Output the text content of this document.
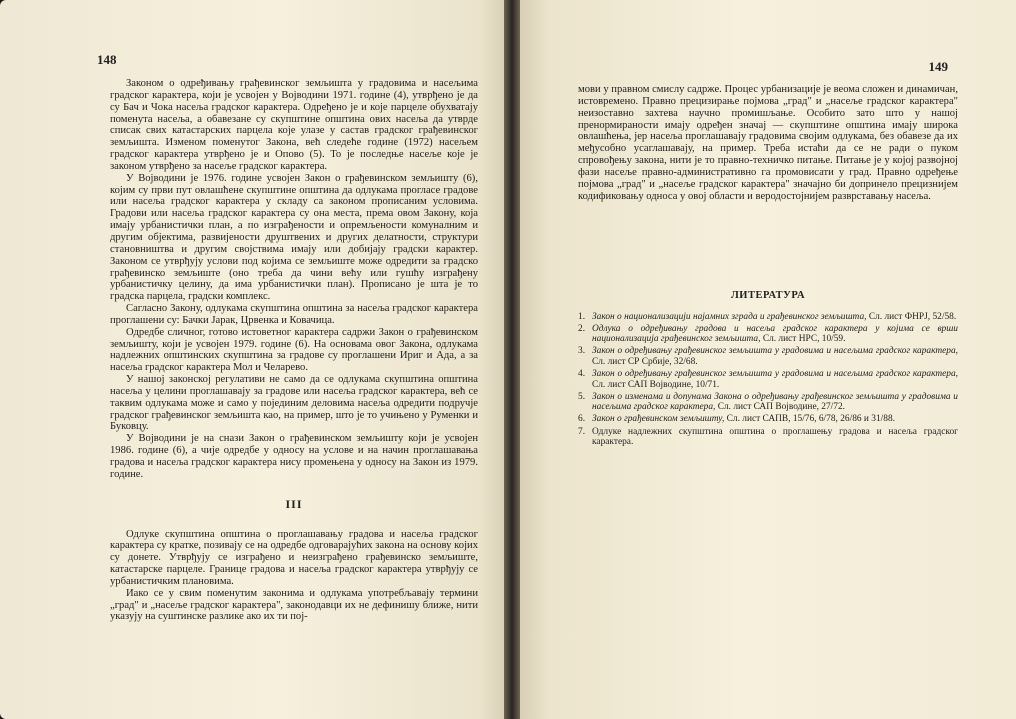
148

Законом о одређивању грађевинског земљишта у градовима и насељима градског карактера, који је усвојен у Војводини 1971. године (4), утврђено је да су Бач и Чока насеља градског карактера. Одређено је и које парцеле обухватају поменута насеља, а обавезане су скупштине општина ових насеља да утврде списак свих катастарских парцела које улазе у састав градског грађевинског земљишта. Изменом поменутог Закона, већ следеће године (1972) насељем градског карактера утврђено је и Опово (5). То је последње насеље које је законом утврђено за насеље градског карактера.

У Војводини је 1976. године усвојен Закон о грађевинском земљишту (6), којим су први пут овлашћене скупштине општина да одлукама прогласе градове или насеља градског карактера у складу са законом прописаним условима. Градови или насеља градског карактера су она места, према овом Закону, која имају урбанистички план, а по изграђености и опремљености комуналним и другим објектима, развијености друштвених и других делатности, структури становништва и другим својствима имају или добијају градски карактер. Законом се утврђују услови под којима се земљиште може одредити за градско грађевинско земљиште (оно треба да чини већу или гушћу изграђену урбанистичку целину, да има урбанистички план). Прописано је шта је то градска парцела, градски комплекс.

Сагласно Закону, одлукама скупштина општина за насеља градског карактера проглашени су: Бачки Јарак, Црвенка и Ковачица.

Одредбе сличног, готово истоветног карактера садржи Закон о грађевинском земљишту, који је усвојен 1979. године (6). На основама овог Закона, одлукама надлежних општинских скупштина за градове су проглашени Ириг и Ада, а за насеља градског карактера Мол и Челарево.

У нашој законској регулативи не само да се одлукама скупштина општина насеља у целини проглашавају за градове или насеља градског карактера, већ се таквим одлукама може и само у појединим деловима насеља одредити подручје градског грађевинског земљишта као, на пример, што је то учињено у Руменки и Буковцу.

У Војводини је на снази Закон о грађевинском земљишту који је усвојен 1986. године (6), а чије одредбе у односу на услове и на начин проглашавања градова и насеља градског карактера нису промењена у односу на Закон из 1979. године.

III

Одлуке скупштина општина о проглашавању градова и насеља градског карактера су кратке, позивају се на одредбе одговарајућих закона на основу којих су донете. Утврђују се изграђено и неизграђено грађевинско земљиште, катастарске парцеле. Границе градова и насеља градског карактера утврђују се урбанистичким плановима.

Иако се у свим поменутим законима и одлукама употребљавају термини „град" и „насеље градског карактера", законодавци их не дефинишу ближе, нити указују на суштинске разлике ако их ти пој-

149

мови у правном смислу садрже. Процес урбанизације је веома сложен и динамичан, истовремено. Правно прецизирање појмова „град" и „насеље градског карактера" неизоставно захтева научно промишљање. Особито зато што у нашој пренормираности имају одређен значај — скупштине општина имају широка овлашћења, јер насеља проглашавају градовима својим одлукама, без обавезе да их међусобно усаглашавају, на пример. Треба истаћи да се не ради о пуком спровођењу закона, нити је то правно-техничко питање. Питање је у којој развојној фази насеље правно-административно га промовисати у град. Правно одређење појмова „град" и „насеље градског карактера" значајно би допринело прецизнијем кодификовању односа у овој области и веродостојнијем разврставању насеља.

ЛИТЕРАТУРА
1. Закон о национализацији најамних зграда и грађевинског земљишта, Сл. лист ФНРЈ, 52/58.
2. Одлука о одређивању градова и насеља градског карактера у којима се врши национализација грађевинског земљишта, Сл. лист НРС, 10/59.
3. Закон о одређивању грађевинског земљишта у градовима и насељима градског карактера, Сл. лист СР Србије, 32/68.
4. Закон о одређивању грађевинског земљишта у градовима и насељима градског карактера, Сл. лист САП Војводине, 10/71.
5. Закон о изменама и допунама Закона о одређивању грађевинског земљишта у градовима и насељима градског карактера, Сл. лист САП Војводине, 27/72.
6. Закон о грађевинском земљишту, Сл. лист САПВ, 15/76, 6/78, 26/86 и 31/88.
7. Одлуке надлежних скупштина општина о проглашењу градова и насеља градског карактера.
